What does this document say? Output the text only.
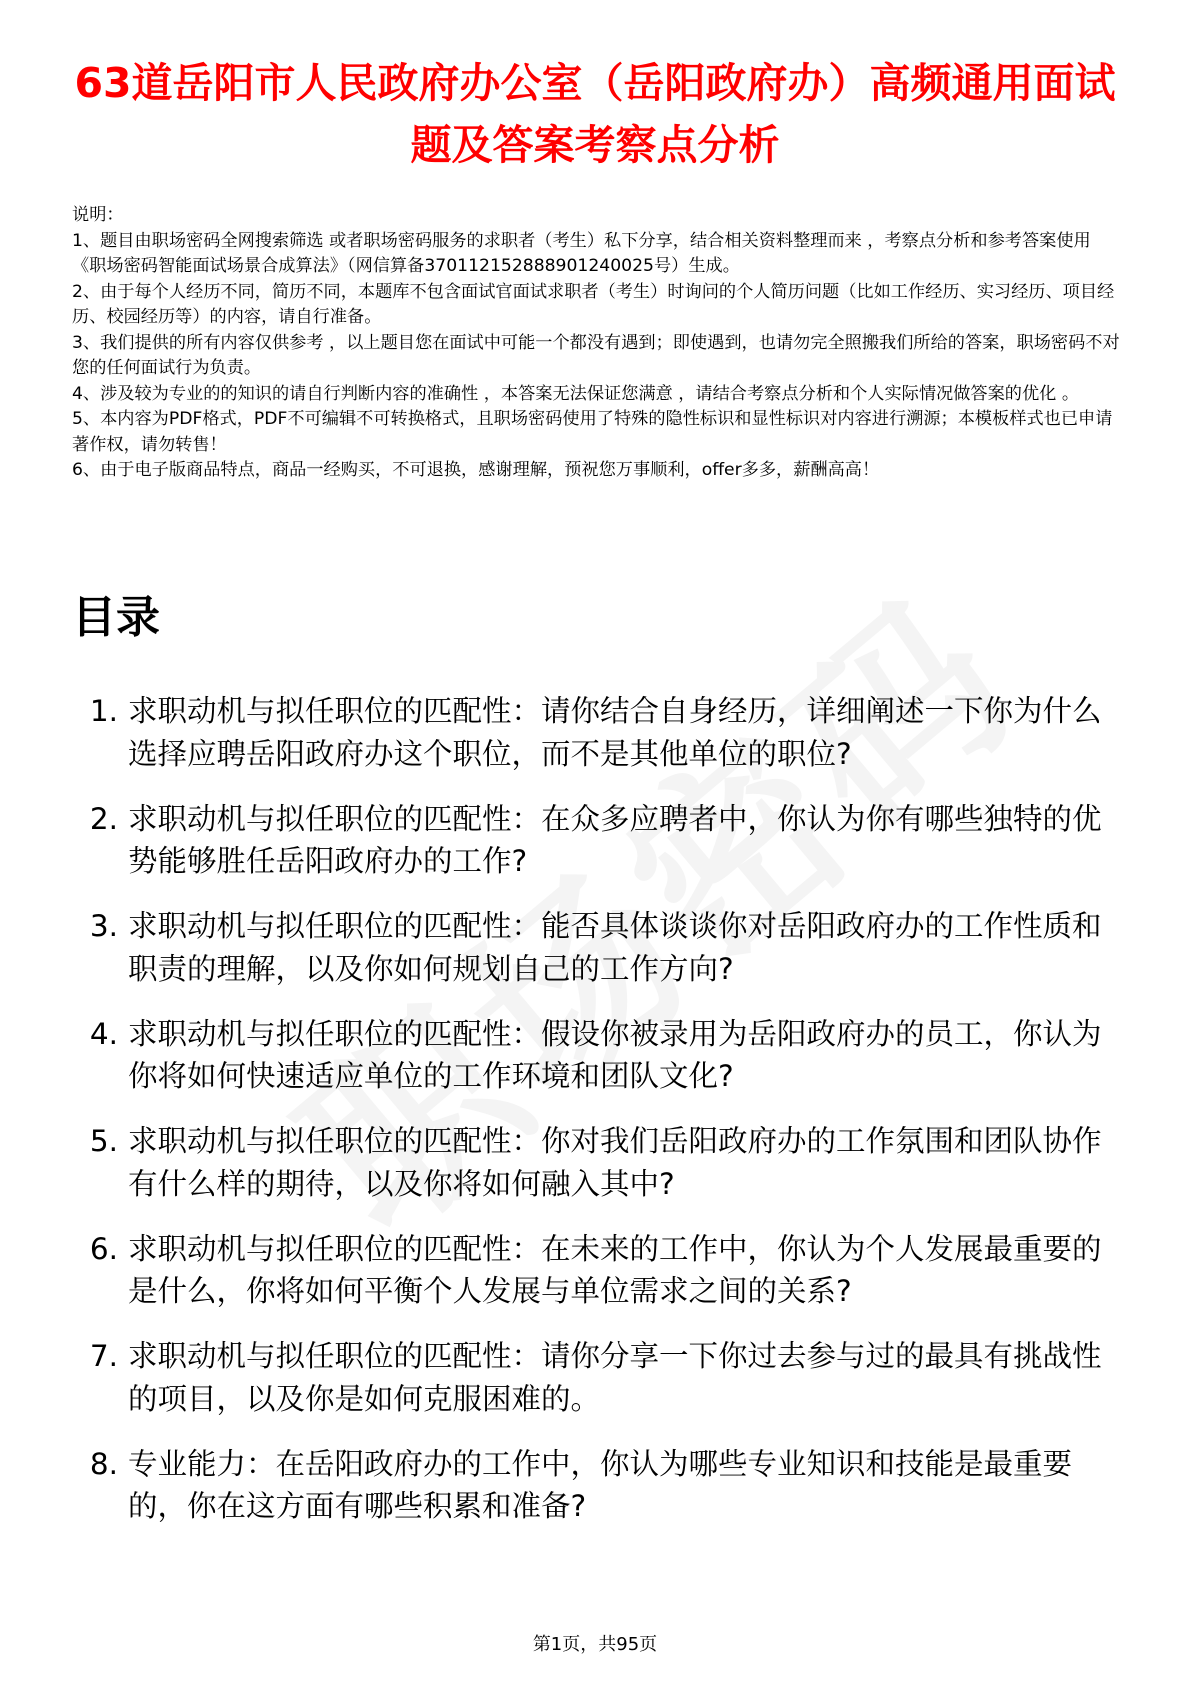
63道岳阳市人民政府办公室（岳阳政府办）高频通用面试题及答案考察点分析

说明：

1、题目由职场密码全网搜索筛选 或者职场密码服务的求职者（考生）私下分享，结合相关资料整理而来 ，考察点分析和参考答案使用《职场密码智能面试场景合成算法》（网信算备370112152888901240025号）生成。

2、由于每个人经历不同，简历不同，本题库不包含面试官面试求职者（考生）时询问的个人简历问题（比如工作经历、实习经历、项目经历、校园经历等）的内容，请自行准备。

3、我们提供的所有内容仅供参考 ，以上题目您在面试中可能一个都没有遇到；即使遇到，也请勿完全照搬我们所给的答案，职场密码不对您的任何面试行为负责。

4、涉及较为专业的的知识的请自行判断内容的准确性 ，本答案无法保证您满意 ，请结合考察点分析和个人实际情况做答案的优化 。

5、本内容为PDF格式，PDF不可编辑不可转换格式，且职场密码使用了特殊的隐性标识和显性标识对内容进行溯源；本模板样式也已申请著作权，请勿转售！

6、由于电子版商品特点，商品一经购买，不可退换，感谢理解，预祝您万事顺利，offer多多，薪酬高高！

目录
1. 求职动机与拟任职位的匹配性：请你结合自身经历，详细阐述一下你为什么选择应聘岳阳政府办这个职位，而不是其他单位的职位?
2. 求职动机与拟任职位的匹配性：在众多应聘者中，你认为你有哪些独特的优势能够胜任岳阳政府办的工作?
3. 求职动机与拟任职位的匹配性：能否具体谈谈你对岳阳政府办的工作性质和职责的理解，以及你如何规划自己的工作方向?
4. 求职动机与拟任职位的匹配性：假设你被录用为岳阳政府办的员工，你认为你将如何快速适应单位的工作环境和团队文化?
5. 求职动机与拟任职位的匹配性：你对我们岳阳政府办的工作氛围和团队协作有什么样的期待，以及你将如何融入其中?
6. 求职动机与拟任职位的匹配性：在未来的工作中，你认为个人发展最重要的是什么，你将如何平衡个人发展与单位需求之间的关系?
7. 求职动机与拟任职位的匹配性：请你分享一下你过去参与过的最具有挑战性的项目，以及你是如何克服困难的。
8. 专业能力：在岳阳政府办的工作中，你认为哪些专业知识和技能是最重要的，你在这方面有哪些积累和准备?
第1页，共95页
